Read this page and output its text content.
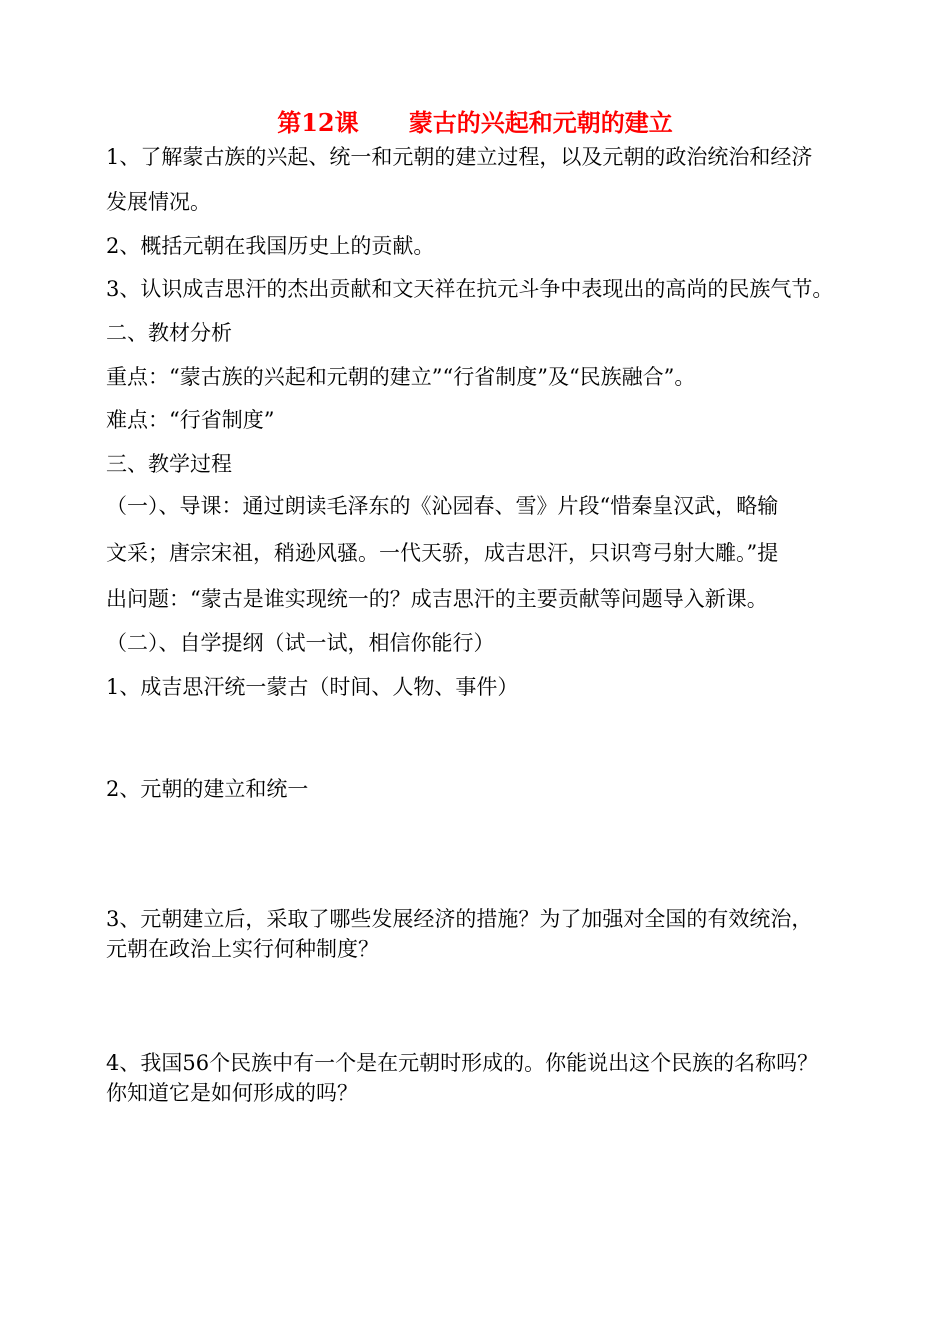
第12课      蒙古的兴起和元朝的建立
1、了解蒙古族的兴起、统一和元朝的建立过程，以及元朝的政治统治和经济
发展情况。
2、概括元朝在我国历史上的贡献。
3、认识成吉思汗的杰出贡献和文天祥在抗元斗争中表现出的高尚的民族气节。
二、教材分析
重点：“蒙古族的兴起和元朝的建立”“行省制度”及“民族融合”。
难点：“行省制度”
三、教学过程
（一）、导课：通过朗读毛泽东的《沁园春、雪》片段“惜秦皇汉武，略输
文采；唐宗宋祖，稍逊风骚。一代天骄，成吉思汗，只识弯弓射大雕。”提
出问题：“蒙古是谁实现统一的？成吉思汗的主要贡献等问题导入新课。
（二）、自学提纲（试一试，相信你能行）
1、成吉思汗统一蒙古（时间、人物、事件）
2、元朝的建立和统一
3、元朝建立后，采取了哪些发展经济的措施？为了加强对全国的有效统治，
元朝在政治上实行何种制度？
4、我国56个民族中有一个是在元朝时形成的。你能说出这个民族的名称吗？
你知道它是如何形成的吗？
